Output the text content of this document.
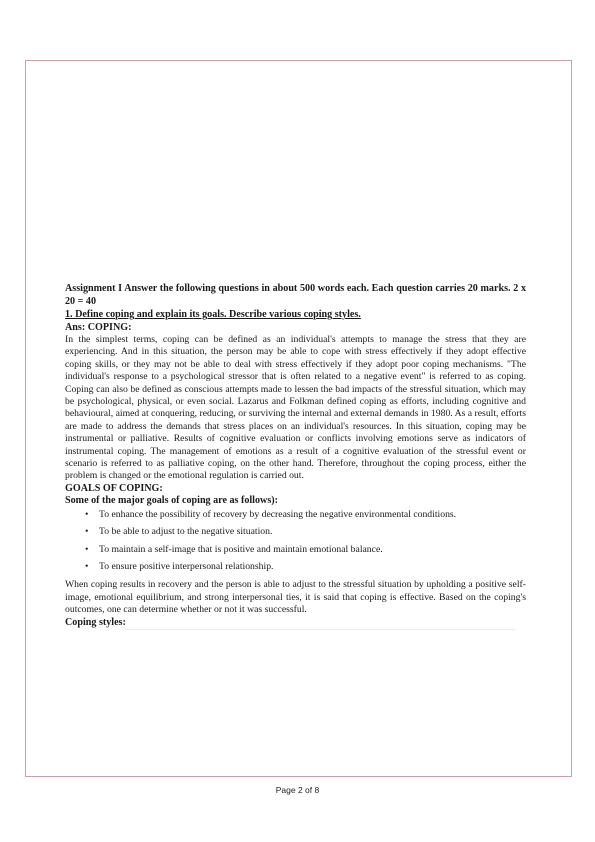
Assignment I Answer the following questions in about 500 words each. Each question carries 20 marks. 2 x 20 = 40

1. Define coping and explain its goals. Describe various coping styles.

Ans: COPING:

In the simplest terms, coping can be defined as an individual's attempts to manage the stress that they are experiencing. And in this situation, the person may be able to cope with stress effectively if they adopt effective coping skills, or they may not be able to deal with stress effectively if they adopt poor coping mechanisms. "The individual's response to a psychological stressor that is often related to a negative event" is referred to as coping. Coping can also be defined as conscious attempts made to lessen the bad impacts of the stressful situation, which may be psychological, physical, or even social. Lazarus and Folkman defined coping as efforts, including cognitive and behavioural, aimed at conquering, reducing, or surviving the internal and external demands in 1980. As a result, efforts are made to address the demands that stress places on an individual's resources. In this situation, coping may be instrumental or palliative. Results of cognitive evaluation or conflicts involving emotions serve as indicators of instrumental coping. The management of emotions as a result of a cognitive evaluation of the stressful event or scenario is referred to as palliative coping, on the other hand. Therefore, throughout the coping process, either the problem is changed or the emotional regulation is carried out.

GOALS OF COPING:

Some of the major goals of coping are as follows):

• To enhance the possibility of recovery by decreasing the negative environmental conditions.
• To be able to adjust to the negative situation.
• To maintain a self-image that is positive and maintain emotional balance.
• To ensure positive interpersonal relationship.

When coping results in recovery and the person is able to adjust to the stressful situation by upholding a positive self-image, emotional equilibrium, and strong interpersonal ties, it is said that coping is effective. Based on the coping's outcomes, one can determine whether or not it was successful.

Coping styles:

Page 2 of 8
